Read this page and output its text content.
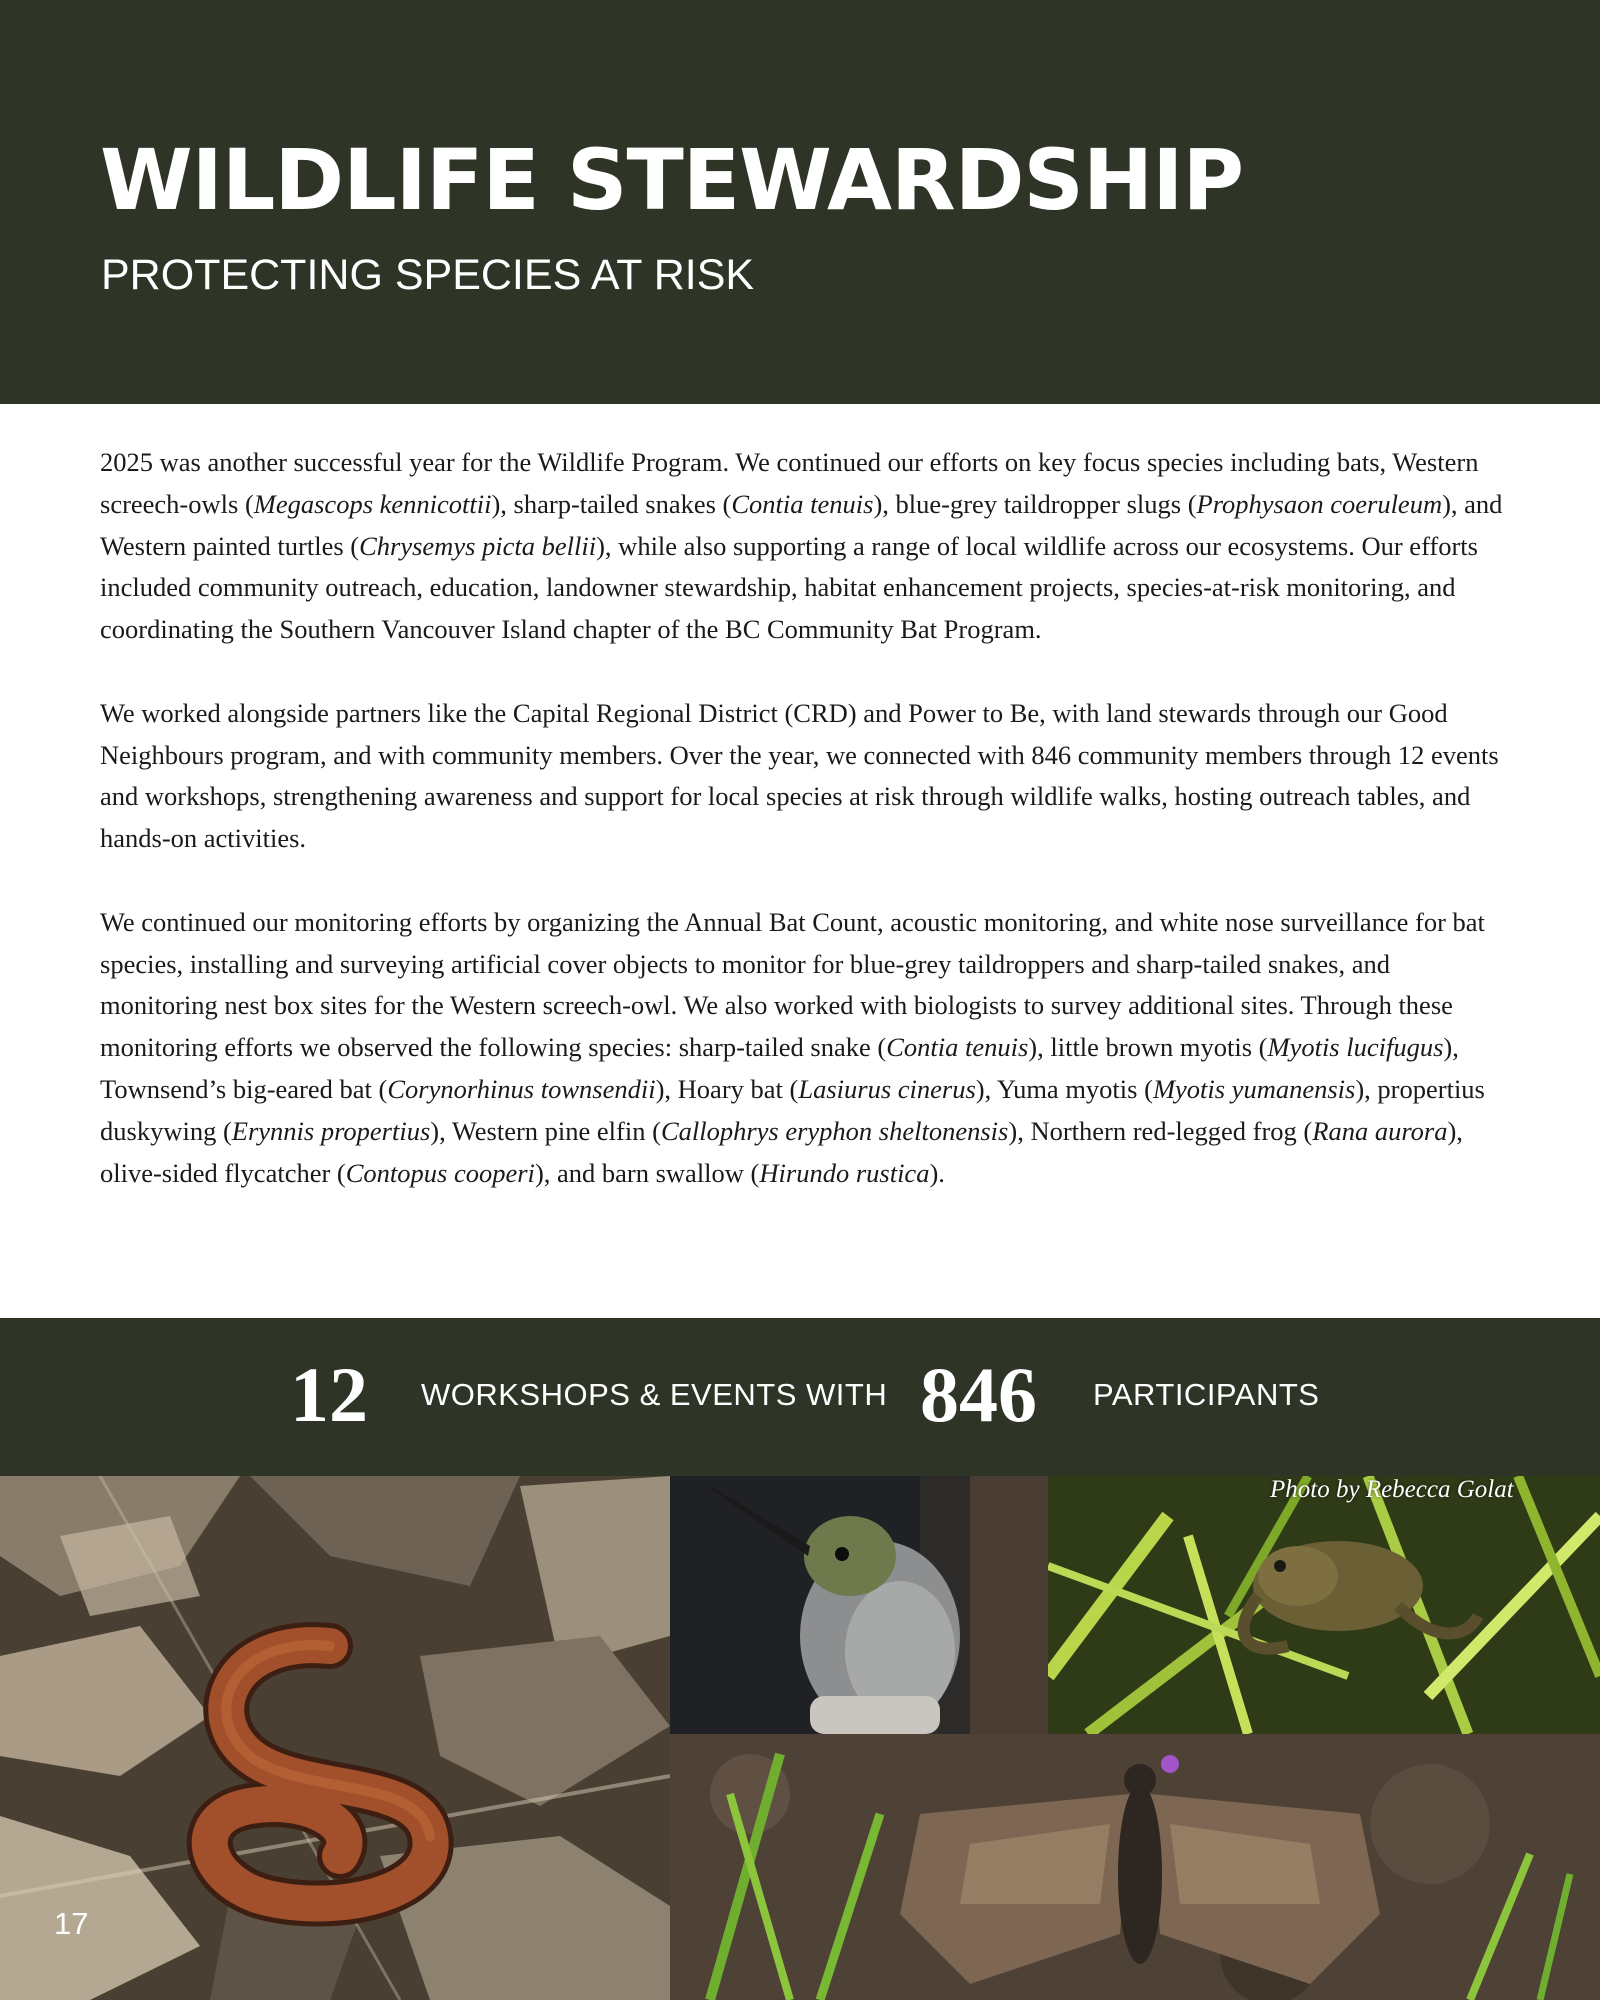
WILDLIFE STEWARDSHIP
PROTECTING SPECIES AT RISK

2025 was another successful year for the Wildlife Program. We continued our efforts on key focus species including bats, Western screech-owls (Megascops kennicottii), sharp-tailed snakes (Contia tenuis), blue-grey taildropper slugs (Prophysaon coeruleum), and Western painted turtles (Chrysemys picta bellii), while also supporting a range of local wildlife across our ecosystems. Our efforts included community outreach, education, landowner stewardship, habitat enhancement projects, species-at-risk monitoring, and coordinating the Southern Vancouver Island chapter of the BC Community Bat Program.

We worked alongside partners like the Capital Regional District (CRD) and Power to Be, with land stewards through our Good Neighbours program, and with community members. Over the year, we connected with 846 community members through 12 events and workshops, strengthening awareness and support for local species at risk through wildlife walks, hosting outreach tables, and hands-on activities.

We continued our monitoring efforts by organizing the Annual Bat Count, acoustic monitoring, and white nose surveillance for bat species, installing and surveying artificial cover objects to monitor for blue-grey taildroppers and sharp-tailed snakes, and monitoring nest box sites for the Western screech-owl. We also worked with biologists to survey additional sites. Through these monitoring efforts we observed the following species: sharp-tailed snake (Contia tenuis), little brown myotis (Myotis lucifugus), Townsend’s big-eared bat (Corynorhinus townsendii), Hoary bat (Lasiurus cinerus), Yuma myotis (Myotis yumanensis), propertius duskywing (Erynnis propertius), Western pine elfin (Callophrys eryphon sheltonensis), Northern red-legged frog (Rana aurora), olive-sided flycatcher (Contopus cooperi), and barn swallow (Hirundo rustica).

12 WORKSHOPS & EVENTS WITH 846 PARTICIPANTS
Photo by Rebecca Golat
17
